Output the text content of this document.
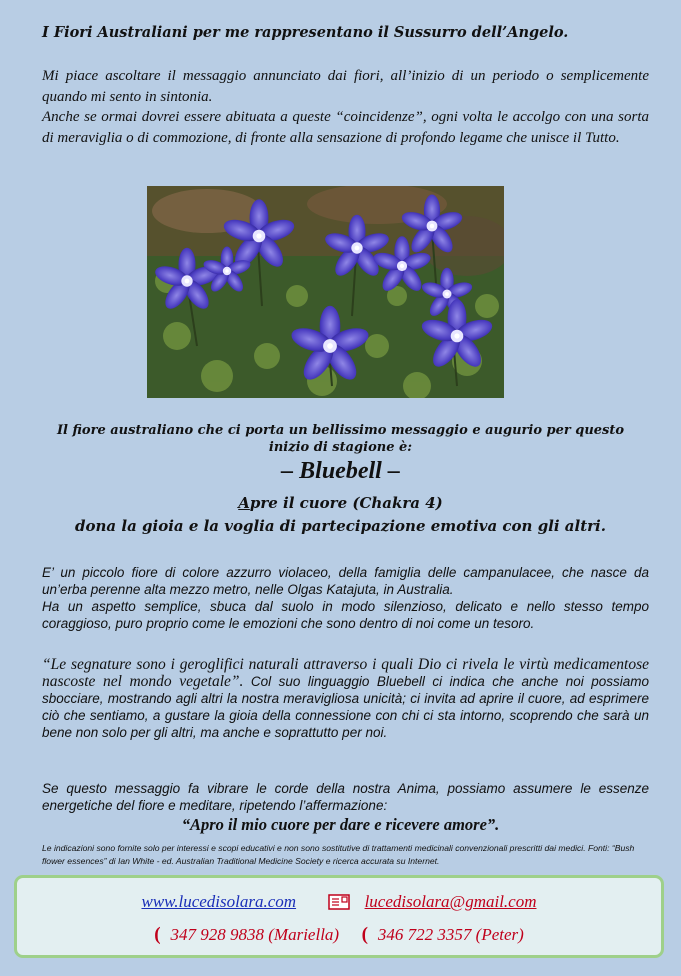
I Fiori Australiani per me rappresentano il Sussurro dell’Angelo.

Mi piace ascoltare il messaggio annunciato dai fiori, all’inizio di un periodo o semplicemente quando mi sento in sintonia.

Anche se ormai dovrei essere abituata a queste “coincidenze”, ogni volta le accolgo con una sorta di meraviglia o di commozione, di fronte alla sensazione di profondo legame che unisce il Tutto.

Il fiore australiano che ci porta un bellissimo messaggio e augurio per questo inizio di stagione è:
– Bluebell –
Apre il cuore (Chakra 4)
dona la gioia e la voglia di partecipazione emotiva con gli altri.

E’ un piccolo fiore di colore azzurro violaceo, della famiglia delle campanulacee, che nasce da un’erba perenne alta mezzo metro, nelle Olgas Katajuta, in Australia.

Ha un aspetto semplice, sbuca dal suolo in modo silenzioso, delicato e nello stesso tempo coraggioso, puro proprio come le emozioni che sono dentro di noi come un tesoro.

“Le segnature sono i geroglifici naturali attraverso i quali Dio ci rivela le virtù medicamentose nascoste nel mondo vegetale”. Col suo linguaggio Bluebell ci indica che anche noi possiamo sbocciare, mostrando agli altri la nostra meravigliosa unicità; ci invita ad aprire il cuore, ad esprimere ciò che sentiamo, a gustare la gioia della connessione con chi ci sta intorno, scoprendo che sarà un bene non solo per gli altri, ma anche e soprattutto per noi.

Se questo messaggio fa vibrare le corde della nostra Anima, possiamo assumere le essenze energetiche del fiore e meditare, ripetendo l’affermazione:

“Apro il mio cuore per dare e ricevere amore”.
Le indicazioni sono fornite solo per interessi e scopi educativi e non sono sostitutive di trattamenti medicinali convenzionali prescritti dai medici. Fonti: “Bush flower essences” di Ian White - ed. Australian Traditional Medicine Society e ricerca accurata su Internet.
www.lucedisolara.com	lucedisolara@gmail.com
( 347 928 9838 (Mariella) ( 346 722 3357 (Peter)
